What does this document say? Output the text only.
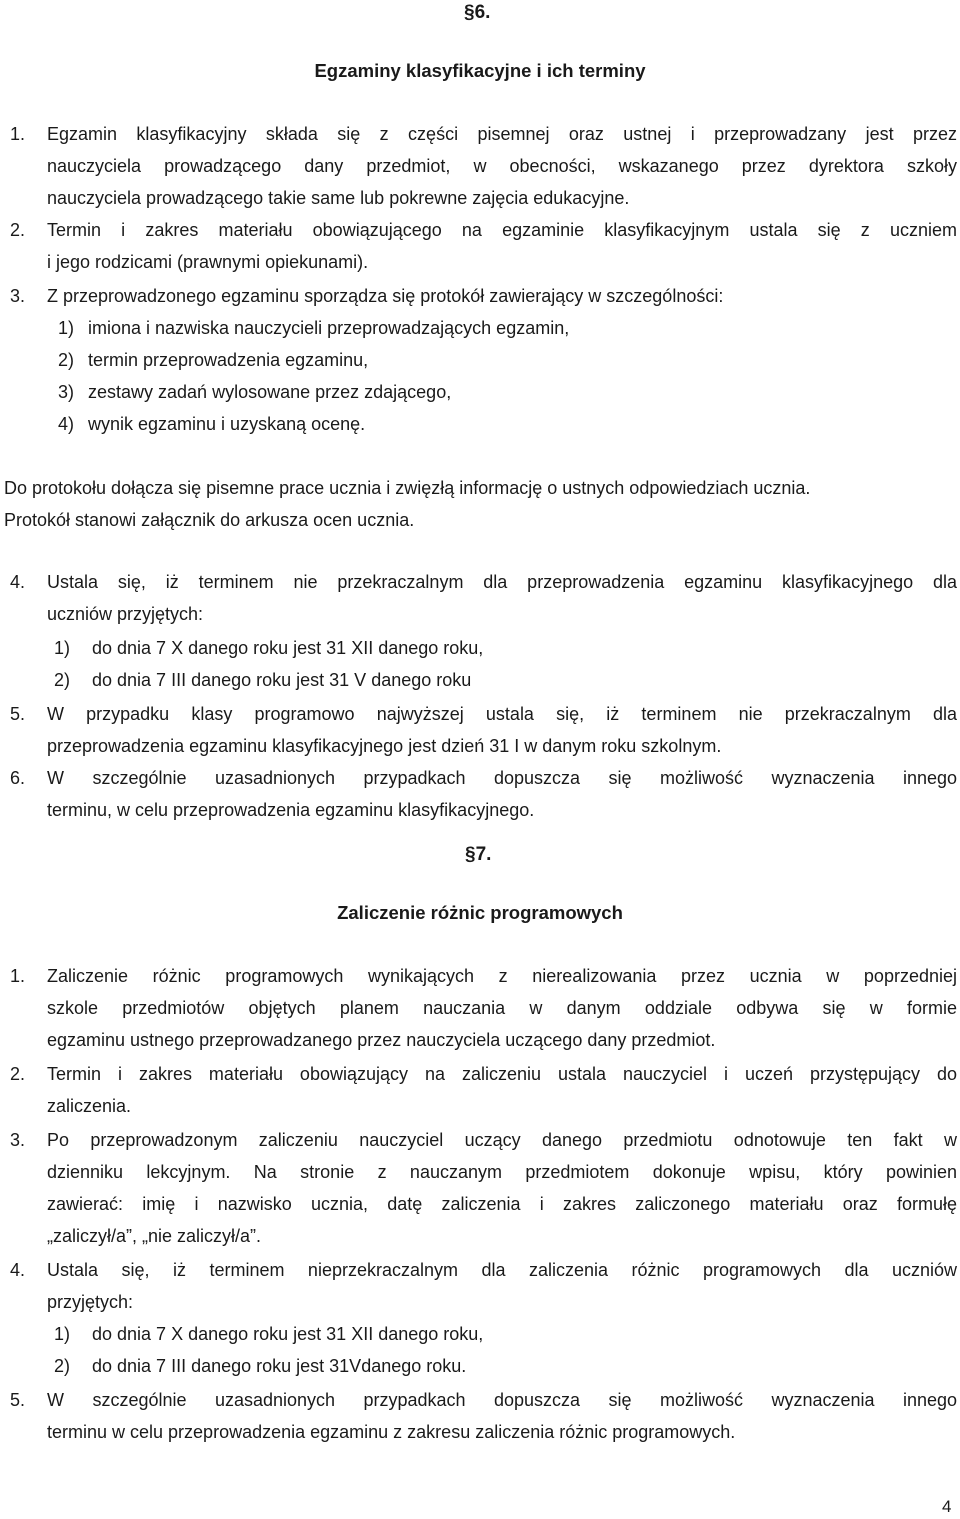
§6.
Egzaminy klasyfikacyjne i ich terminy
1. Egzamin klasyfikacyjny składa się z części pisemnej oraz ustnej i przeprowadzany jest przez
nauczyciela prowadzącego dany przedmiot, w obecności, wskazanego przez dyrektora szkoły
nauczyciela prowadzącego takie same lub pokrewne zajęcia edukacyjne.
2. Termin i zakres materiału obowiązującego na egzaminie klasyfikacyjnym ustala się z uczniem
i jego rodzicami (prawnymi opiekunami).
3. Z przeprowadzonego egzaminu sporządza się protokół zawierający w szczególności:
1) imiona i nazwiska nauczycieli przeprowadzających egzamin,
2) termin przeprowadzenia egzaminu,
3) zestawy zadań wylosowane przez zdającego,
4) wynik egzaminu i uzyskaną ocenę.
Do protokołu dołącza się pisemne prace ucznia i zwięzłą informację o ustnych odpowiedziach ucznia.
Protokół stanowi załącznik do arkusza ocen ucznia.
4. Ustala się, iż terminem nie przekraczalnym dla przeprowadzenia egzaminu klasyfikacyjnego dla
uczniów przyjętych:
1) do dnia 7 X danego roku jest 31 XII danego roku,
2) do dnia 7 III danego roku jest 31 V danego roku
5. W przypadku klasy programowo najwyższej ustala się, iż terminem nie przekraczalnym dla
przeprowadzenia egzaminu klasyfikacyjnego jest dzień 31 I w danym roku szkolnym.
6. W szczególnie uzasadnionych przypadkach dopuszcza się możliwość wyznaczenia innego
terminu, w celu przeprowadzenia egzaminu klasyfikacyjnego.
§7.
Zaliczenie różnic programowych
1. Zaliczenie różnic programowych wynikających z nierealizowania przez ucznia w poprzedniej
szkole przedmiotów objętych planem nauczania w danym oddziale odbywa się w formie
egzaminu ustnego przeprowadzanego przez nauczyciela uczącego dany przedmiot.
2. Termin i zakres materiału obowiązujący na zaliczeniu ustala nauczyciel i uczeń przystępujący do
zaliczenia.
3. Po przeprowadzonym zaliczeniu nauczyciel uczący danego przedmiotu odnotowuje ten fakt w
dzienniku lekcyjnym. Na stronie z nauczanym przedmiotem dokonuje wpisu, który powinien
zawierać: imię i nazwisko ucznia, datę zaliczenia i zakres zaliczonego materiału oraz formułę
„zaliczył/a”, „nie zaliczył/a”.
4. Ustala się, iż terminem nieprzekraczalnym dla zaliczenia różnic programowych dla uczniów
przyjętych:
1) do dnia 7 X danego roku jest 31 XII danego roku,
2) do dnia 7 III danego roku jest 31Vdanego roku.
5. W szczególnie uzasadnionych przypadkach dopuszcza się możliwość wyznaczenia innego
terminu w celu przeprowadzenia egzaminu z zakresu zaliczenia różnic programowych.
4
